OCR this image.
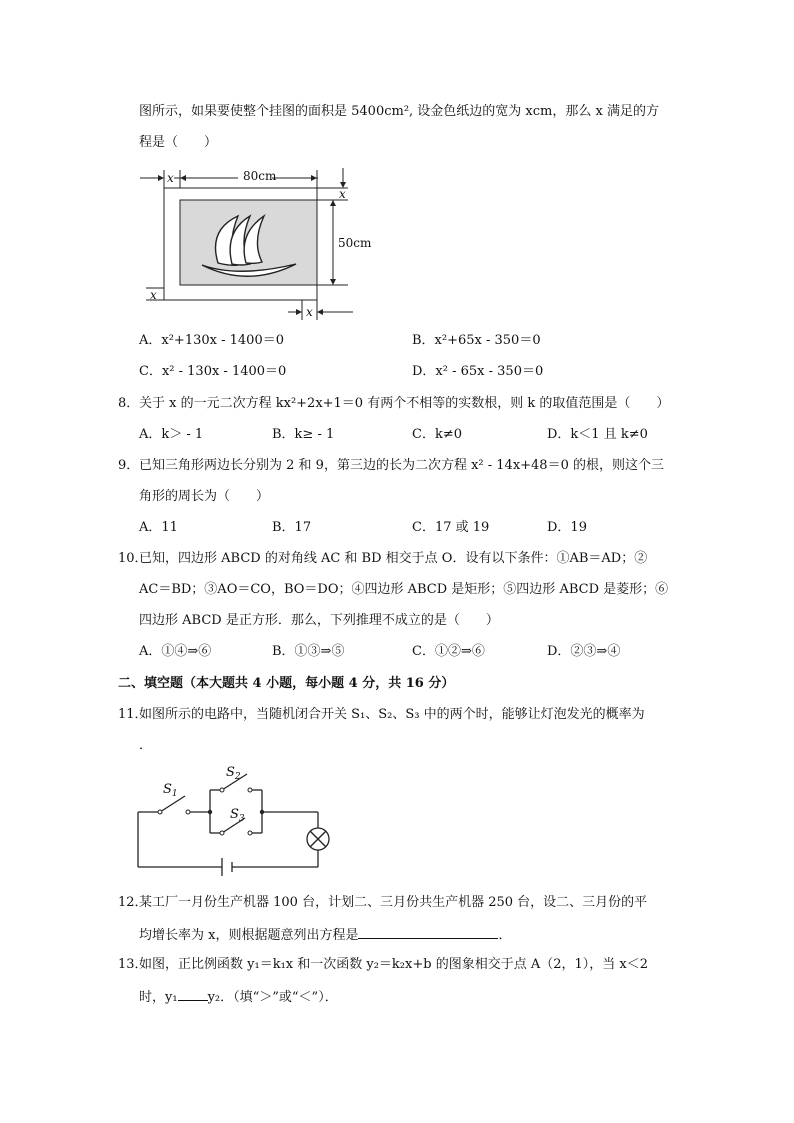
图所示，如果要使整个挂图的面积是 5400cm², 设金色纸边的宽为 xcm，那么 x 满足的方
程是（　　）
80cm
x
50cm
x
x
x
A．x²+130x - 1400＝0	B．x²+65x - 350＝0
C．x² - 130x - 1400＝0	D．x² - 65x - 350＝0
8． 关于 x 的一元二次方程 kx²+2x+1＝0 有两个不相等的实数根，则 k 的取值范围是（　　）
A．k＞ - 1	B．k≥ - 1	C．k≠0	D．k＜1 且 k≠0
9． 已知三角形两边长分别为 2 和 9，第三边的长为二次方程 x² - 14x+48＝0 的根，则这个三
角形的周长为（　　）
A．11	B．17	C．17 或 19	D．19
10．
已知，四边形 ABCD 的对角线 AC 和 BD 相交于点 O．设有以下条件：①AB＝AD；②
AC＝BD；③AO＝CO，BO＝DO；④四边形 ABCD 是矩形；⑤四边形 ABCD 是菱形；⑥
四边形 ABCD 是正方形．那么，下列推理不成立的是（　　）
A．①④⇒⑥	B．①③⇒⑤	C．①②⇒⑥	D．②③⇒④
二、填空题（本大题共 4 小题，每小题 4 分，共 16 分）
11．
如图所示的电路中，当随机闭合开关 S₁、S₂、S₃ 中的两个时，能够让灯泡发光的概率为
．
$S_1$
$S_2$
$S_3$
12．
某工厂一月份生产机器 100 台，计划二、三月份共生产机器 250 台，设二、三月份的平
均增长率为 x，则根据题意列出方程是	．
13．
如图，正比例函数 y₁＝k₁x 和一次函数 y₂＝k₂x+b 的图象相交于点 A（2，1），当 x＜2
时，y₁ y₂．（填“＞”或“＜”）．
